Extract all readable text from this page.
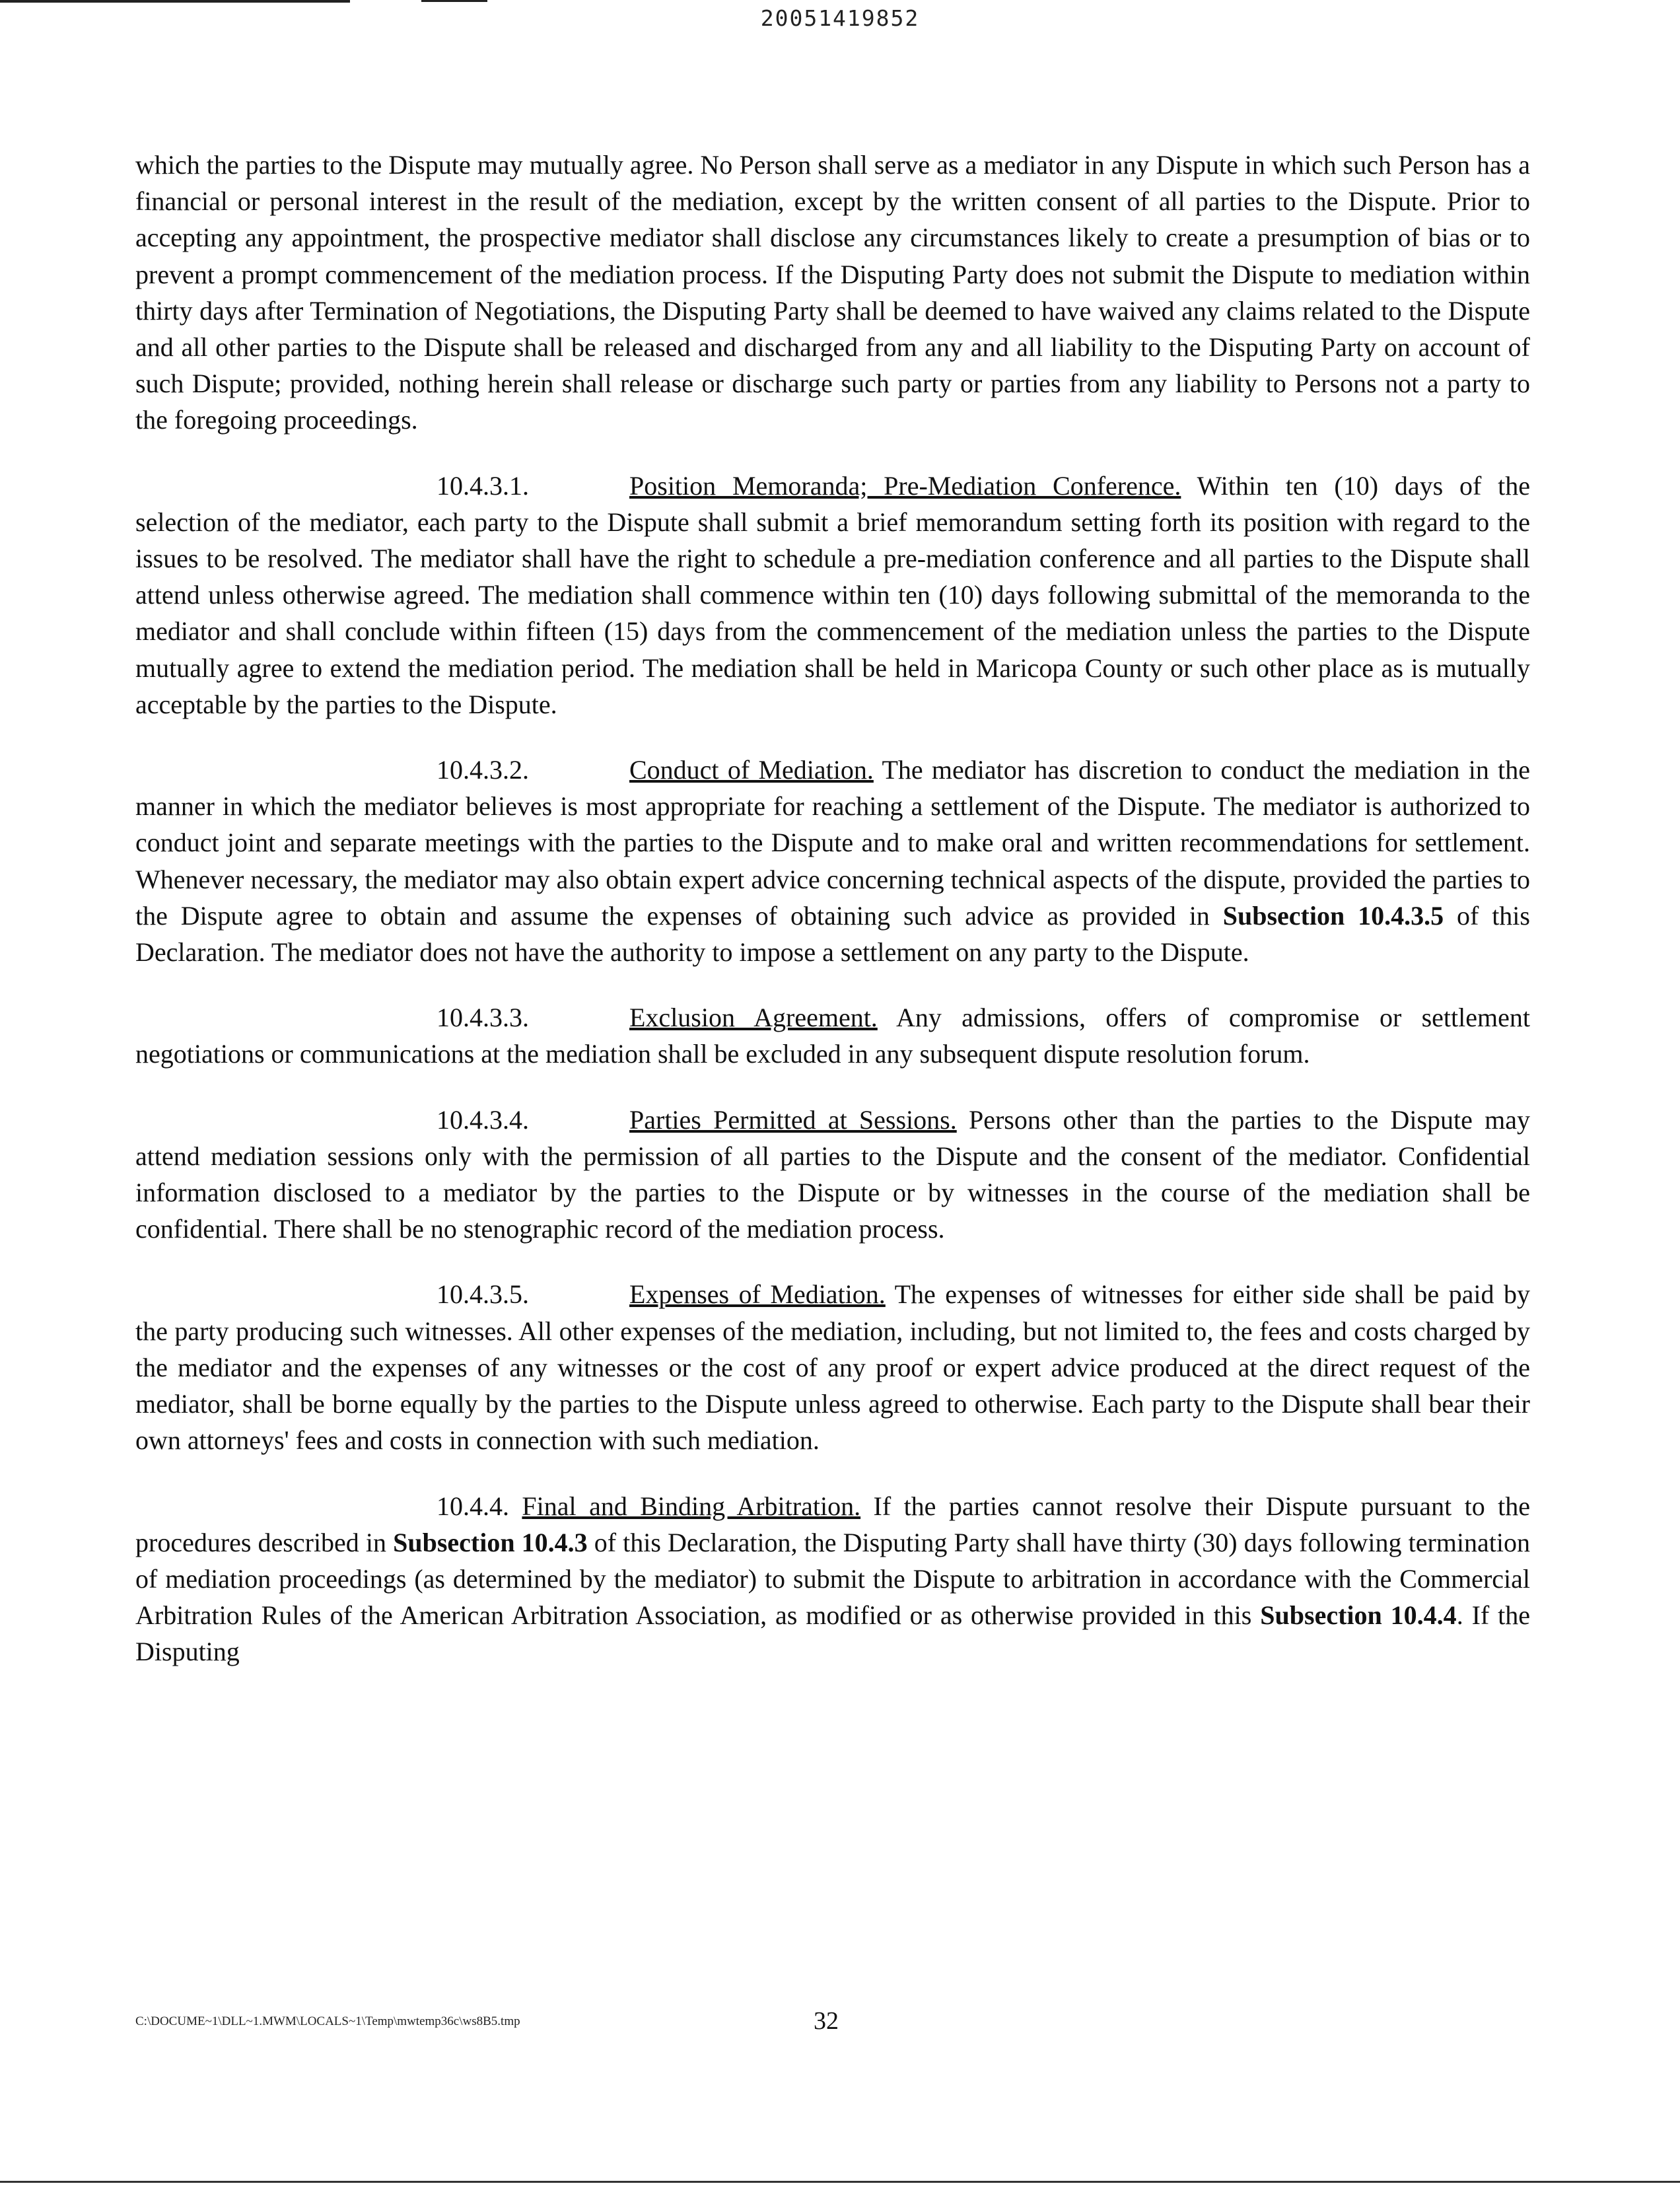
20051419852

which the parties to the Dispute may mutually agree. No Person shall serve as a mediator in any Dispute in which such Person has a financial or personal interest in the result of the mediation, except by the written consent of all parties to the Dispute. Prior to accepting any appointment, the prospective mediator shall disclose any circumstances likely to create a presumption of bias or to prevent a prompt commencement of the mediation process. If the Disputing Party does not submit the Dispute to mediation within thirty days after Termination of Negotiations, the Disputing Party shall be deemed to have waived any claims related to the Dispute and all other parties to the Dispute shall be released and discharged from any and all liability to the Disputing Party on account of such Dispute; provided, nothing herein shall release or discharge such party or parties from any liability to Persons not a party to the foregoing proceedings.

10.4.3.1.	Position Memoranda; Pre-Mediation Conference. Within ten (10) days of the selection of the mediator, each party to the Dispute shall submit a brief memorandum setting forth its position with regard to the issues to be resolved. The mediator shall have the right to schedule a pre-mediation conference and all parties to the Dispute shall attend unless otherwise agreed. The mediation shall commence within ten (10) days following submittal of the memoranda to the mediator and shall conclude within fifteen (15) days from the commencement of the mediation unless the parties to the Dispute mutually agree to extend the mediation period. The mediation shall be held in Maricopa County or such other place as is mutually acceptable by the parties to the Dispute.

10.4.3.2.	Conduct of Mediation. The mediator has discretion to conduct the mediation in the manner in which the mediator believes is most appropriate for reaching a settlement of the Dispute. The mediator is authorized to conduct joint and separate meetings with the parties to the Dispute and to make oral and written recommendations for settlement. Whenever necessary, the mediator may also obtain expert advice concerning technical aspects of the dispute, provided the parties to the Dispute agree to obtain and assume the expenses of obtaining such advice as provided in Subsection 10.4.3.5 of this Declaration. The mediator does not have the authority to impose a settlement on any party to the Dispute.

10.4.3.3.	Exclusion Agreement. Any admissions, offers of compromise or settlement negotiations or communications at the mediation shall be excluded in any subsequent dispute resolution forum.

10.4.3.4.	Parties Permitted at Sessions. Persons other than the parties to the Dispute may attend mediation sessions only with the permission of all parties to the Dispute and the consent of the mediator. Confidential information disclosed to a mediator by the parties to the Dispute or by witnesses in the course of the mediation shall be confidential. There shall be no stenographic record of the mediation process.

10.4.3.5.	Expenses of Mediation. The expenses of witnesses for either side shall be paid by the party producing such witnesses. All other expenses of the mediation, including, but not limited to, the fees and costs charged by the mediator and the expenses of any witnesses or the cost of any proof or expert advice produced at the direct request of the mediator, shall be borne equally by the parties to the Dispute unless agreed to otherwise. Each party to the Dispute shall bear their own attorneys' fees and costs in connection with such mediation.

10.4.4. Final and Binding Arbitration. If the parties cannot resolve their Dispute pursuant to the procedures described in Subsection 10.4.3 of this Declaration, the Disputing Party shall have thirty (30) days following termination of mediation proceedings (as determined by the mediator) to submit the Dispute to arbitration in accordance with the Commercial Arbitration Rules of the American Arbitration Association, as modified or as otherwise provided in this Subsection 10.4.4. If the Disputing

C:\DOCUME~1\DLL~1.MWM\LOCALS~1\Temp\mwtemp36c\ws8B5.tmp	32
